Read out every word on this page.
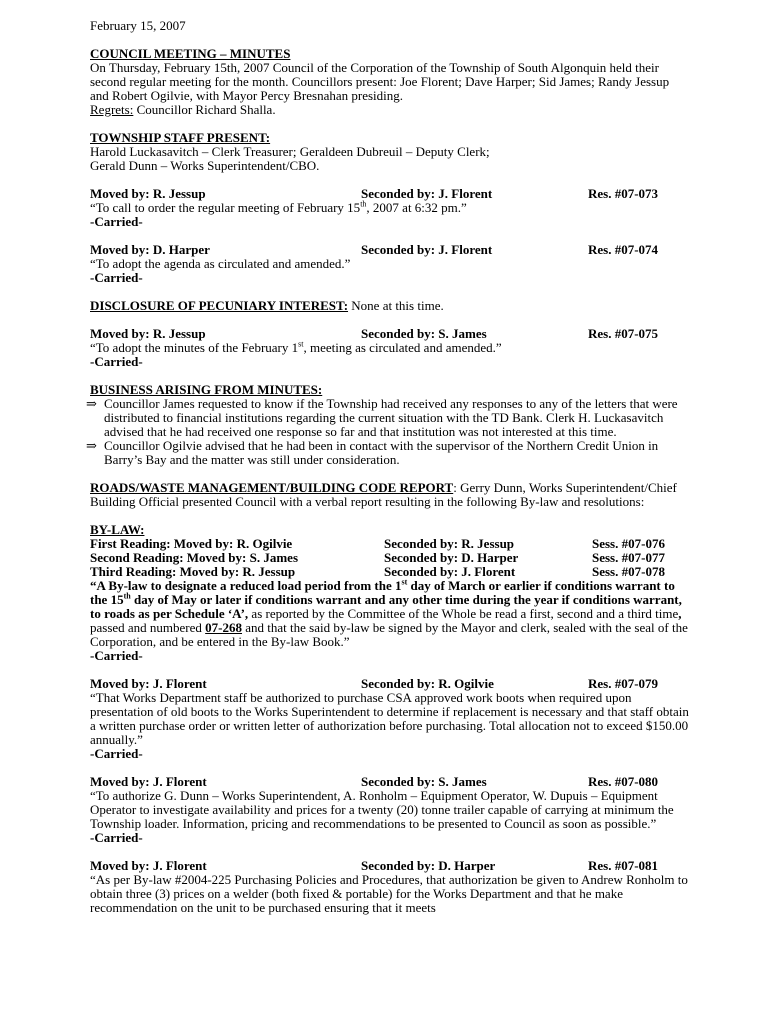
February 15, 2007

COUNCIL MEETING – MINUTES

On Thursday, February 15th, 2007 Council of the Corporation of the Township of South Algonquin held their second regular meeting for the month. Councillors present: Joe Florent; Dave Harper; Sid James; Randy Jessup and Robert Ogilvie, with Mayor Percy Bresnahan presiding.

Regrets: Councillor Richard Shalla.

TOWNSHIP STAFF PRESENT:

Harold Luckasavitch – Clerk Treasurer; Geraldeen Dubreuil – Deputy Clerk;

Gerald Dunn – Works Superintendent/CBO.

Moved by: R. Jessup	Seconded by: J. Florent	Res. #07-073

“To call to order the regular meeting of February 15th, 2007 at 6:32 pm.”

-Carried-

Moved by: D. Harper	Seconded by: J. Florent	Res. #07-074

“To adopt the agenda as circulated and amended.”

-Carried-

DISCLOSURE OF PECUNIARY INTEREST: None at this time.

Moved by: R. Jessup	Seconded by: S. James	Res. #07-075

“To adopt the minutes of the February 1st, meeting as circulated and amended.”

-Carried-

BUSINESS ARISING FROM MINUTES:

⇒ Councillor James requested to know if the Township had received any responses to any of the letters that were distributed to financial institutions regarding the current situation with the TD Bank. Clerk H. Luckasavitch advised that he had received one response so far and that institution was not interested at this time.
⇒ Councillor Ogilvie advised that he had been in contact with the supervisor of the Northern Credit Union in Barry’s Bay and the matter was still under consideration.

ROADS/WASTE MANAGEMENT/BUILDING CODE REPORT: Gerry Dunn, Works Superintendent/Chief Building Official presented Council with a verbal report resulting in the following By-law and resolutions:

BY-LAW:

First Reading: Moved by: R. Ogilvie	Seconded by: R. Jessup	Sess. #07-076
Second Reading: Moved by: S. James	Seconded by: D. Harper	Sess. #07-077
Third Reading: Moved by: R. Jessup	Seconded by: J. Florent	Sess. #07-078

“A By-law to designate a reduced load period from the 1st day of March or earlier if conditions warrant to the 15th day of May or later if conditions warrant and any other time during the year if conditions warrant, to roads as per Schedule ‘A’, as reported by the Committee of the Whole be read a first, second and a third time, passed and numbered 07-268 and that the said by-law be signed by the Mayor and clerk, sealed with the seal of the Corporation, and be entered in the By-law Book.”

-Carried-

Moved by: J. Florent	Seconded by: R. Ogilvie	Res. #07-079

“That Works Department staff be authorized to purchase CSA approved work boots when required upon presentation of old boots to the Works Superintendent to determine if replacement is necessary and that staff obtain a written purchase order or written letter of authorization before purchasing. Total allocation not to exceed $150.00 annually.”

-Carried-

Moved by: J. Florent	Seconded by: S. James	Res. #07-080

“To authorize G. Dunn – Works Superintendent, A. Ronholm – Equipment Operator, W. Dupuis – Equipment Operator to investigate availability and prices for a twenty (20) tonne trailer capable of carrying at minimum the Township loader. Information, pricing and recommendations to be presented to Council as soon as possible.”

-Carried-

Moved by: J. Florent	Seconded by: D. Harper	Res. #07-081

“As per By-law #2004-225 Purchasing Policies and Procedures, that authorization be given to Andrew Ronholm to obtain three (3) prices on a welder (both fixed & portable) for the Works Department and that he make recommendation on the unit to be purchased ensuring that it meets
